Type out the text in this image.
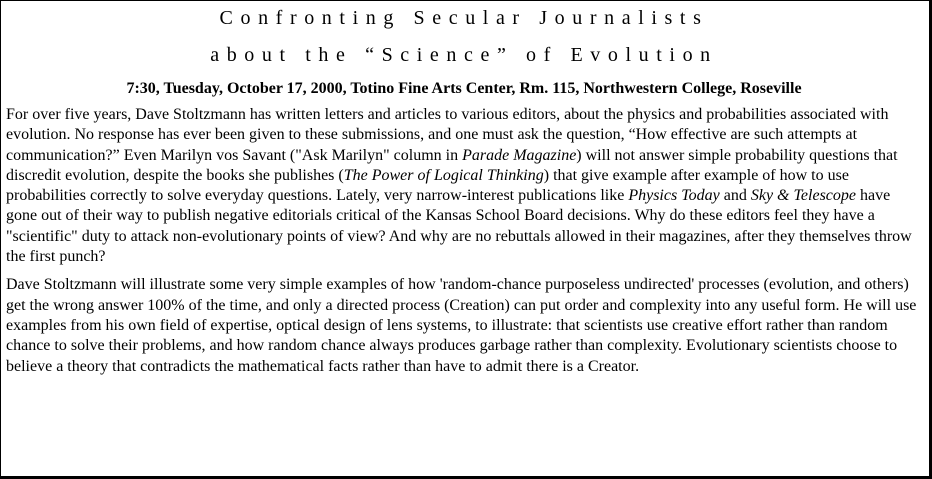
Confronting Secular Journalists
about the “Science” of Evolution
7:30, Tuesday, October 17, 2000, Totino Fine Arts Center, Rm. 115, Northwestern College, Roseville

For over five years, Dave Stoltzmann has written letters and articles to various editors, about the physics and probabilities associated with evolution. No response has ever been given to these submissions, and one must ask the question, “How effective are such attempts at communication?” Even Marilyn vos Savant ("Ask Marilyn" column in Parade Magazine) will not answer simple probability questions that discredit evolution, despite the books she publishes (The Power of Logical Thinking) that give example after example of how to use probabilities correctly to solve everyday questions. Lately, very narrow-interest publications like Physics Today and Sky & Telescope have gone out of their way to publish negative editorials critical of the Kansas School Board decisions. Why do these editors feel they have a "scientific" duty to attack non-evolutionary points of view? And why are no rebuttals allowed in their magazines, after they themselves throw the first punch?

Dave Stoltzmann will illustrate some very simple examples of how 'random-chance purposeless undirected' processes (evolution, and others) get the wrong answer 100% of the time, and only a directed process (Creation) can put order and complexity into any useful form. He will use examples from his own field of expertise, optical design of lens systems, to illustrate: that scientists use creative effort rather than random chance to solve their problems, and how random chance always produces garbage rather than complexity. Evolutionary scientists choose to believe a theory that contradicts the mathematical facts rather than have to admit there is a Creator.
